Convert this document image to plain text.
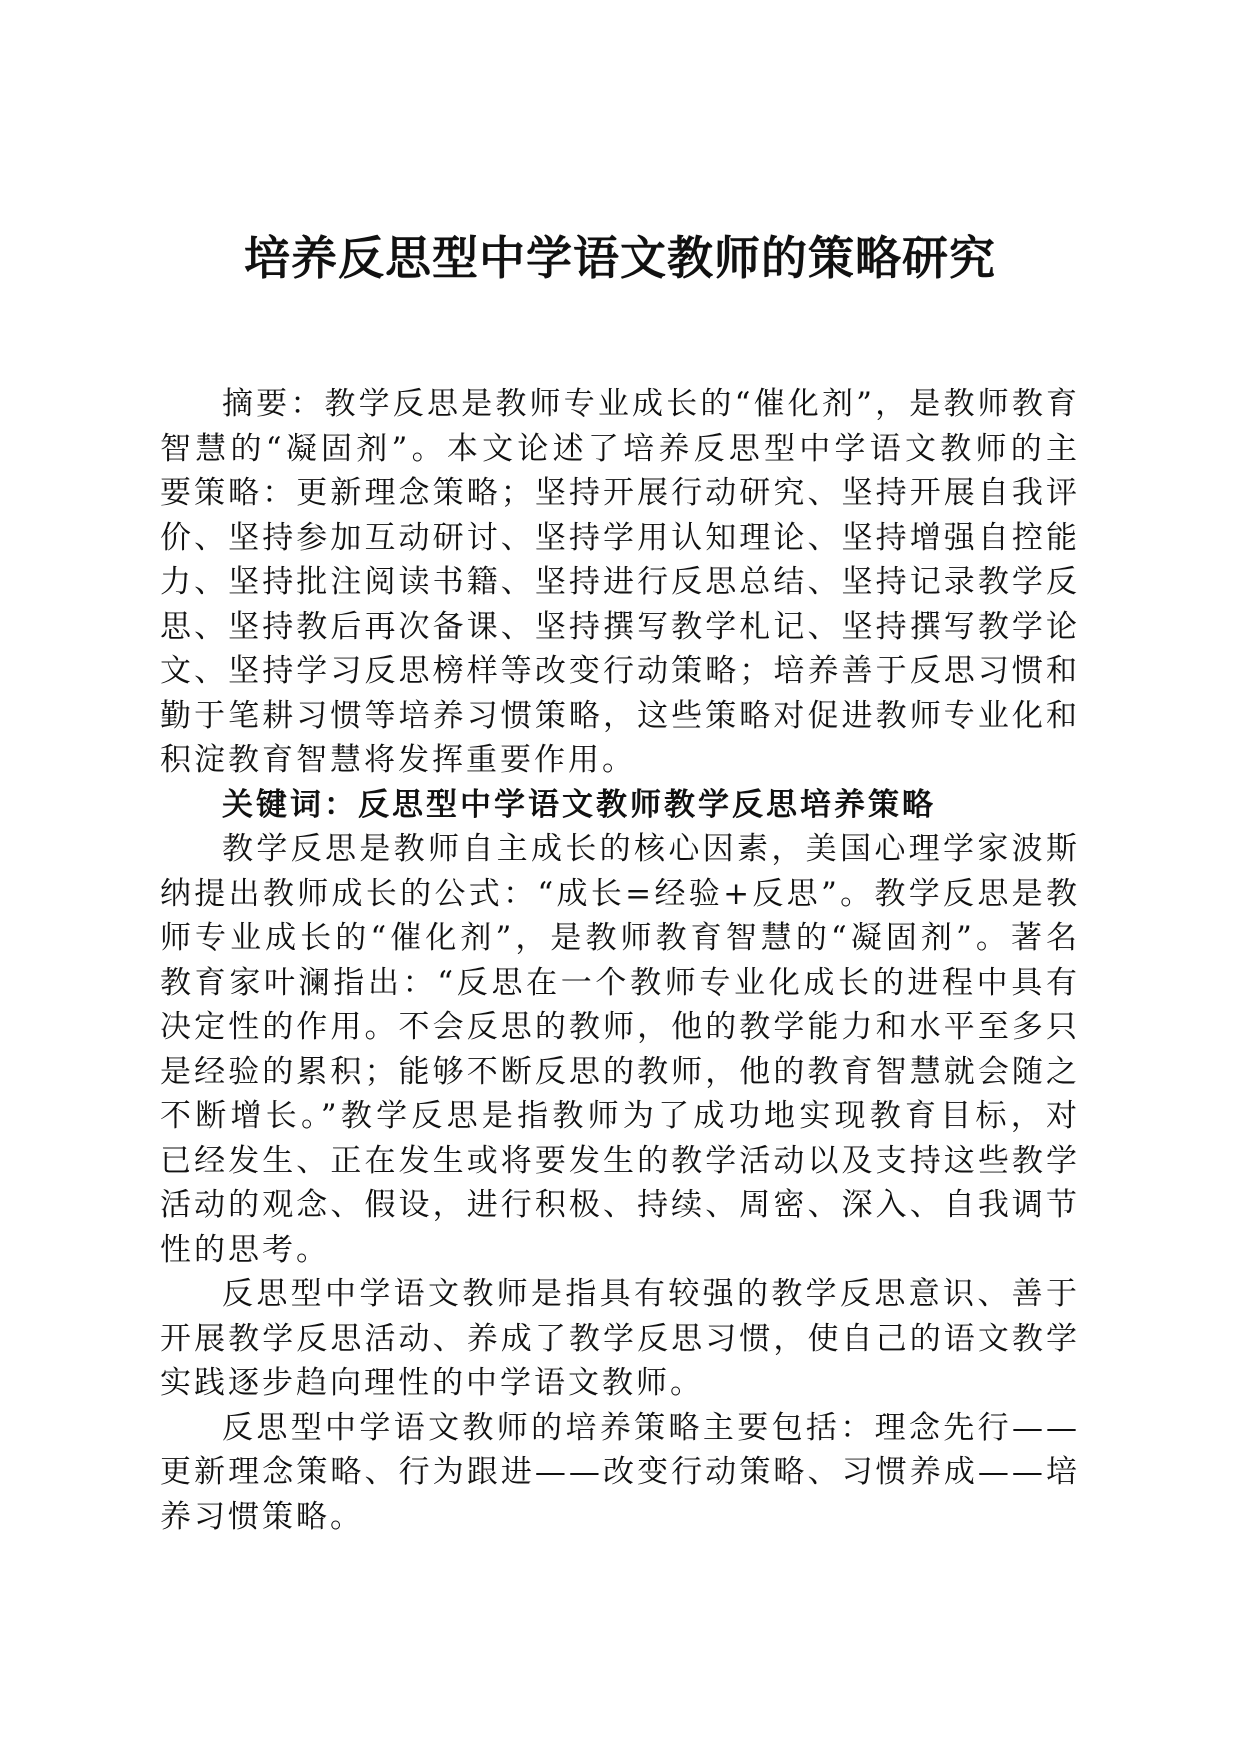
培养反思型中学语文教师的策略研究

摘要：教学反思是教师专业成长的“催化剂”，是教师教育智慧的“凝固剂”。本文论述了培养反思型中学语文教师的主要策略：更新理念策略；坚持开展行动研究、坚持开展自我评价、坚持参加互动研讨、坚持学用认知理论、坚持增强自控能力、坚持批注阅读书籍、坚持进行反思总结、坚持记录教学反思、坚持教后再次备课、坚持撰写教学札记、坚持撰写教学论文、坚持学习反思榜样等改变行动策略；培养善于反思习惯和勤于笔耕习惯等培养习惯策略，这些策略对促进教师专业化和积淀教育智慧将发挥重要作用。

关键词：反思型中学语文教师教学反思培养策略

教学反思是教师自主成长的核心因素，美国心理学家波斯纳提出教师成长的公式：“成长=经验+反思”。教学反思是教师专业成长的“催化剂”，是教师教育智慧的“凝固剂”。著名教育家叶澜指出：“反思在一个教师专业化成长的进程中具有决定性的作用。不会反思的教师，他的教学能力和水平至多只是经验的累积；能够不断反思的教师，他的教育智慧就会随之不断增长。”教学反思是指教师为了成功地实现教育目标，对已经发生、正在发生或将要发生的教学活动以及支持这些教学活动的观念、假设，进行积极、持续、周密、深入、自我调节性的思考。

反思型中学语文教师是指具有较强的教学反思意识、善于开展教学反思活动、养成了教学反思习惯，使自己的语文教学实践逐步趋向理性的中学语文教师。

反思型中学语文教师的培养策略主要包括：理念先行——更新理念策略、行为跟进——改变行动策略、习惯养成——培养习惯策略。
